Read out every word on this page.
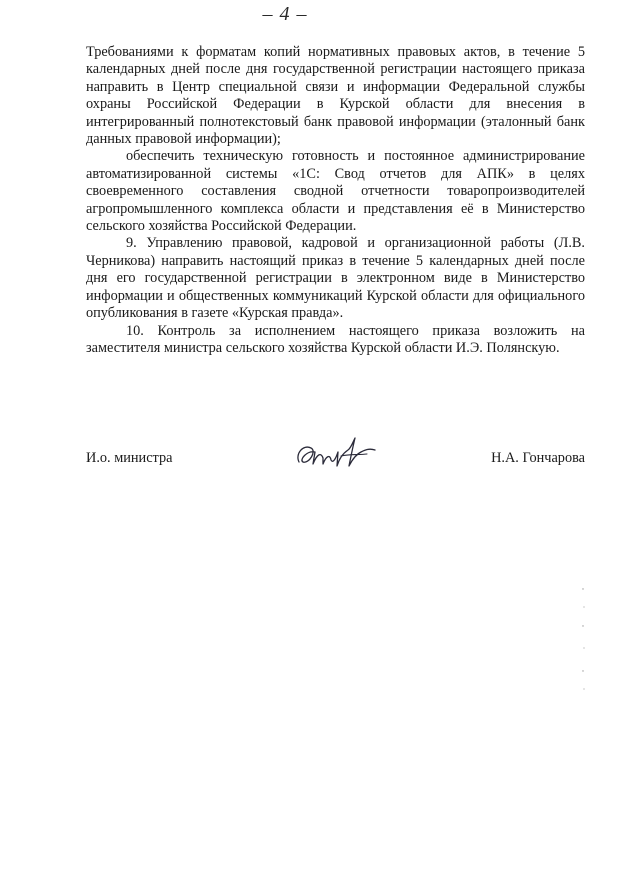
– 4 –

Требованиями к форматам копий нормативных правовых актов, в течение 5 календарных дней после дня государственной регистрации настоящего приказа направить в Центр специальной связи и информации Федеральной службы охраны Российской Федерации в Курской области для внесения в интегрированный полнотекстовый банк правовой информации (эталонный банк данных правовой информации);

обеспечить техническую готовность и постоянное администрирование автоматизированной системы «1С: Свод отчетов для АПК» в целях своевременного составления сводной отчетности товаропроизводителей агропромышленного комплекса области и представления её в Министерство сельского хозяйства Российской Федерации.

9. Управлению правовой, кадровой и организационной работы (Л.В. Черникова) направить настоящий приказ в течение 5 календарных дней после дня его государственной регистрации в электронном виде в Министерство информации и общественных коммуникаций Курской области для официального опубликования в газете «Курская правда».

10. Контроль за исполнением настоящего приказа возложить на заместителя министра сельского хозяйства Курской области И.Э. Полянскую.

И.о. министра	Н.А. Гончарова
